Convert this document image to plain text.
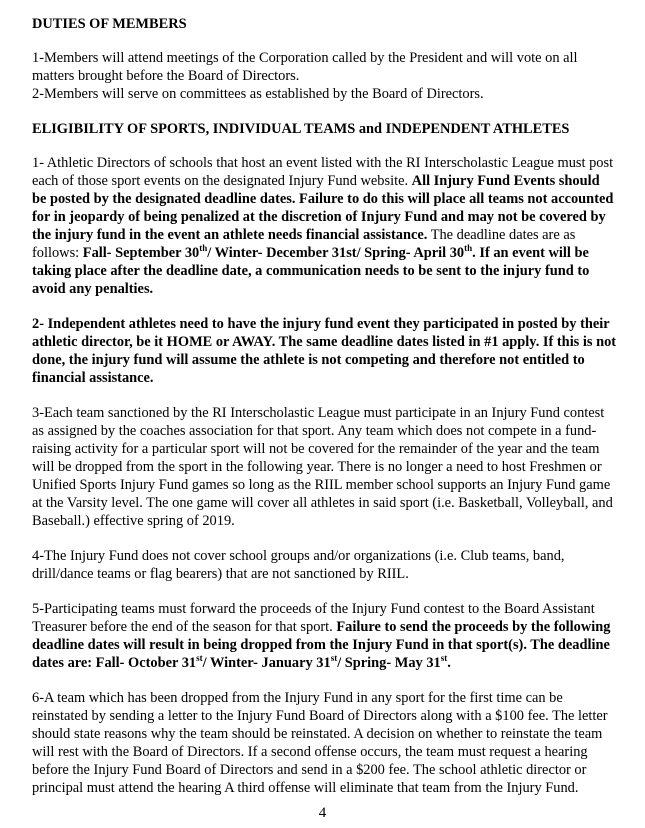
DUTIES OF MEMBERS

1-Members will attend meetings of the Corporation called by the President and will vote on all matters brought before the Board of Directors.

2-Members will serve on committees as established by the Board of Directors.

ELIGIBILITY OF SPORTS, INDIVIDUAL TEAMS and INDEPENDENT ATHLETES

1- Athletic Directors of schools that host an event listed with the RI Interscholastic League must post each of those sport events on the designated Injury Fund website. All Injury Fund Events should be posted by the designated deadline dates. Failure to do this will place all teams not accounted for in jeopardy of being penalized at the discretion of Injury Fund and may not be covered by the injury fund in the event an athlete needs financial assistance. The deadline dates are as follows: Fall- September 30th/ Winter- December 31st/ Spring- April 30th. If an event will be taking place after the deadline date, a communication needs to be sent to the injury fund to avoid any penalties.

2- Independent athletes need to have the injury fund event they participated in posted by their athletic director, be it HOME or AWAY. The same deadline dates listed in #1 apply. If this is not done, the injury fund will assume the athlete is not competing and therefore not entitled to financial assistance.

3-Each team sanctioned by the RI Interscholastic League must participate in an Injury Fund contest as assigned by the coaches association for that sport. Any team which does not compete in a fund-raising activity for a particular sport will not be covered for the remainder of the year and the team will be dropped from the sport in the following year. There is no longer a need to host Freshmen or Unified Sports Injury Fund games so long as the RIIL member school supports an Injury Fund game at the Varsity level. The one game will cover all athletes in said sport (i.e. Basketball, Volleyball, and Baseball.) effective spring of 2019.

4-The Injury Fund does not cover school groups and/or organizations (i.e. Club teams, band, drill/dance teams or flag bearers) that are not sanctioned by RIIL.

5-Participating teams must forward the proceeds of the Injury Fund contest to the Board Assistant Treasurer before the end of the season for that sport. Failure to send the proceeds by the following deadline dates will result in being dropped from the Injury Fund in that sport(s). The deadline dates are: Fall- October 31st/ Winter- January 31st/ Spring- May 31st.

6-A team which has been dropped from the Injury Fund in any sport for the first time can be reinstated by sending a letter to the Injury Fund Board of Directors along with a $100 fee. The letter should state reasons why the team should be reinstated. A decision on whether to reinstate the team will rest with the Board of Directors. If a second offense occurs, the team must request a hearing before the Injury Fund Board of Directors and send in a $200 fee. The school athletic director or principal must attend the hearing A third offense will eliminate that team from the Injury Fund.

4
